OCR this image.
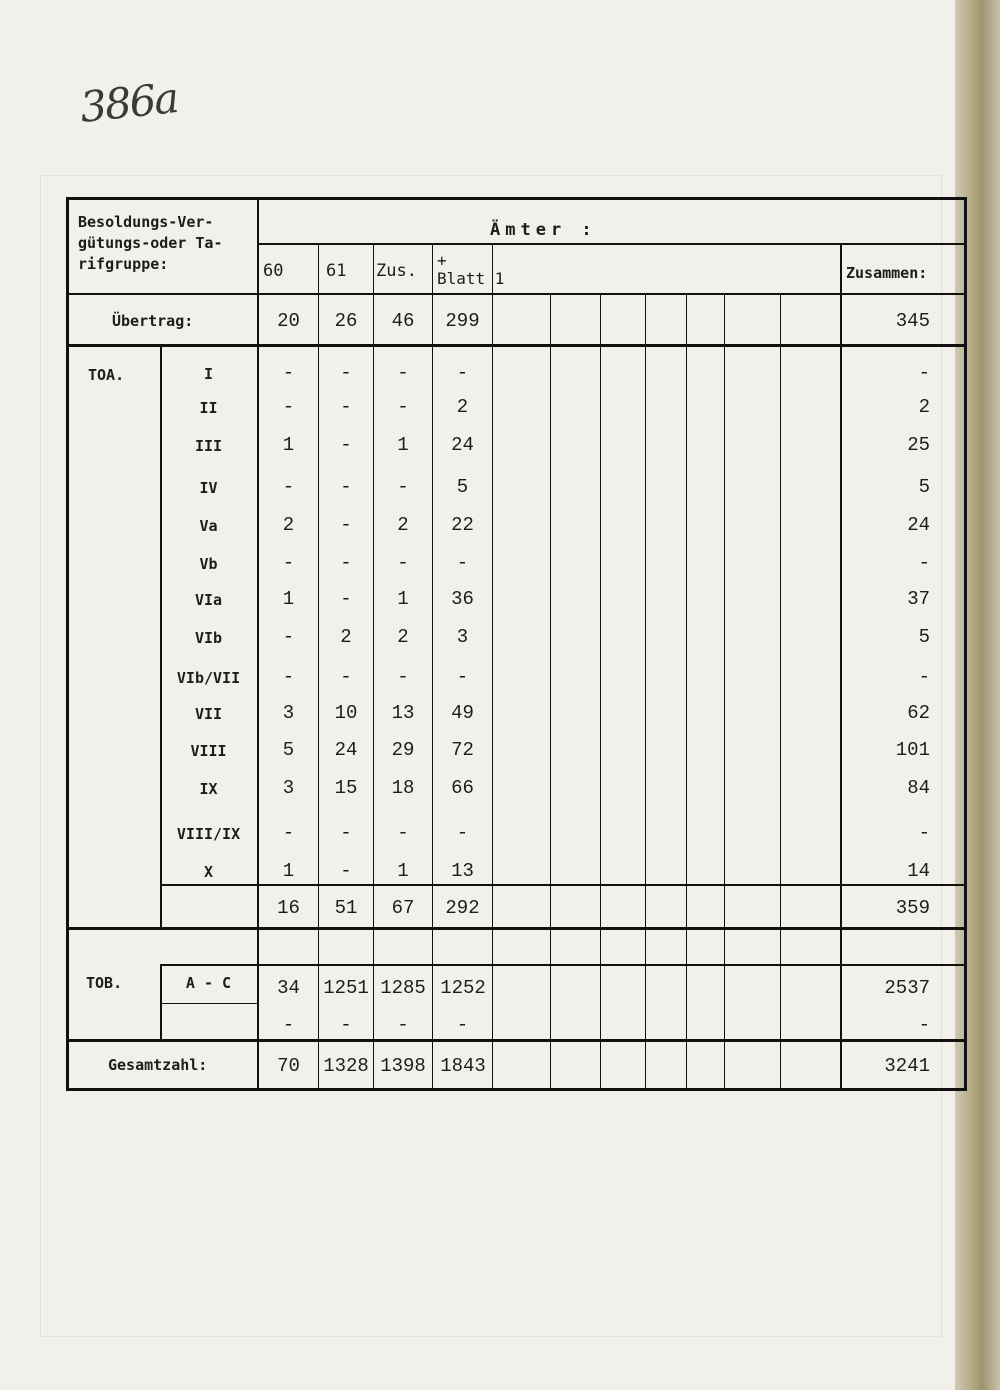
386a
Besoldungs-Ver-
gütungs-oder Ta-
rifgruppe:
Ämter :
60	61 Zus.
+
Blatt 1	Zusammen:
Übertrag:	20	26	46	299	345
TOA.	I	-	-	-	-	-
II	-	-	-	2	2
III	1	-	1	24	25
IV	-	-	-	5	5
Va	2	-	2	22	24
Vb	-	-	-	-	-
VIa	1	-	1	36	37
VIb	-	2	2	3	5
VIb/VII	-	-	-	-	-
VII	3	10	13	49	62
VIII	5	24	29	72	101
IX	3	15	18	66	84
VIII/IX	-	-	-	-	-
X	1	-	1	13	14
16	51	67	292	359
TOB.	A - C	34	1251 1285 1252	2537
-	-	-	-	-
Gesamtzahl:	70	1328 1398 1843	3241
